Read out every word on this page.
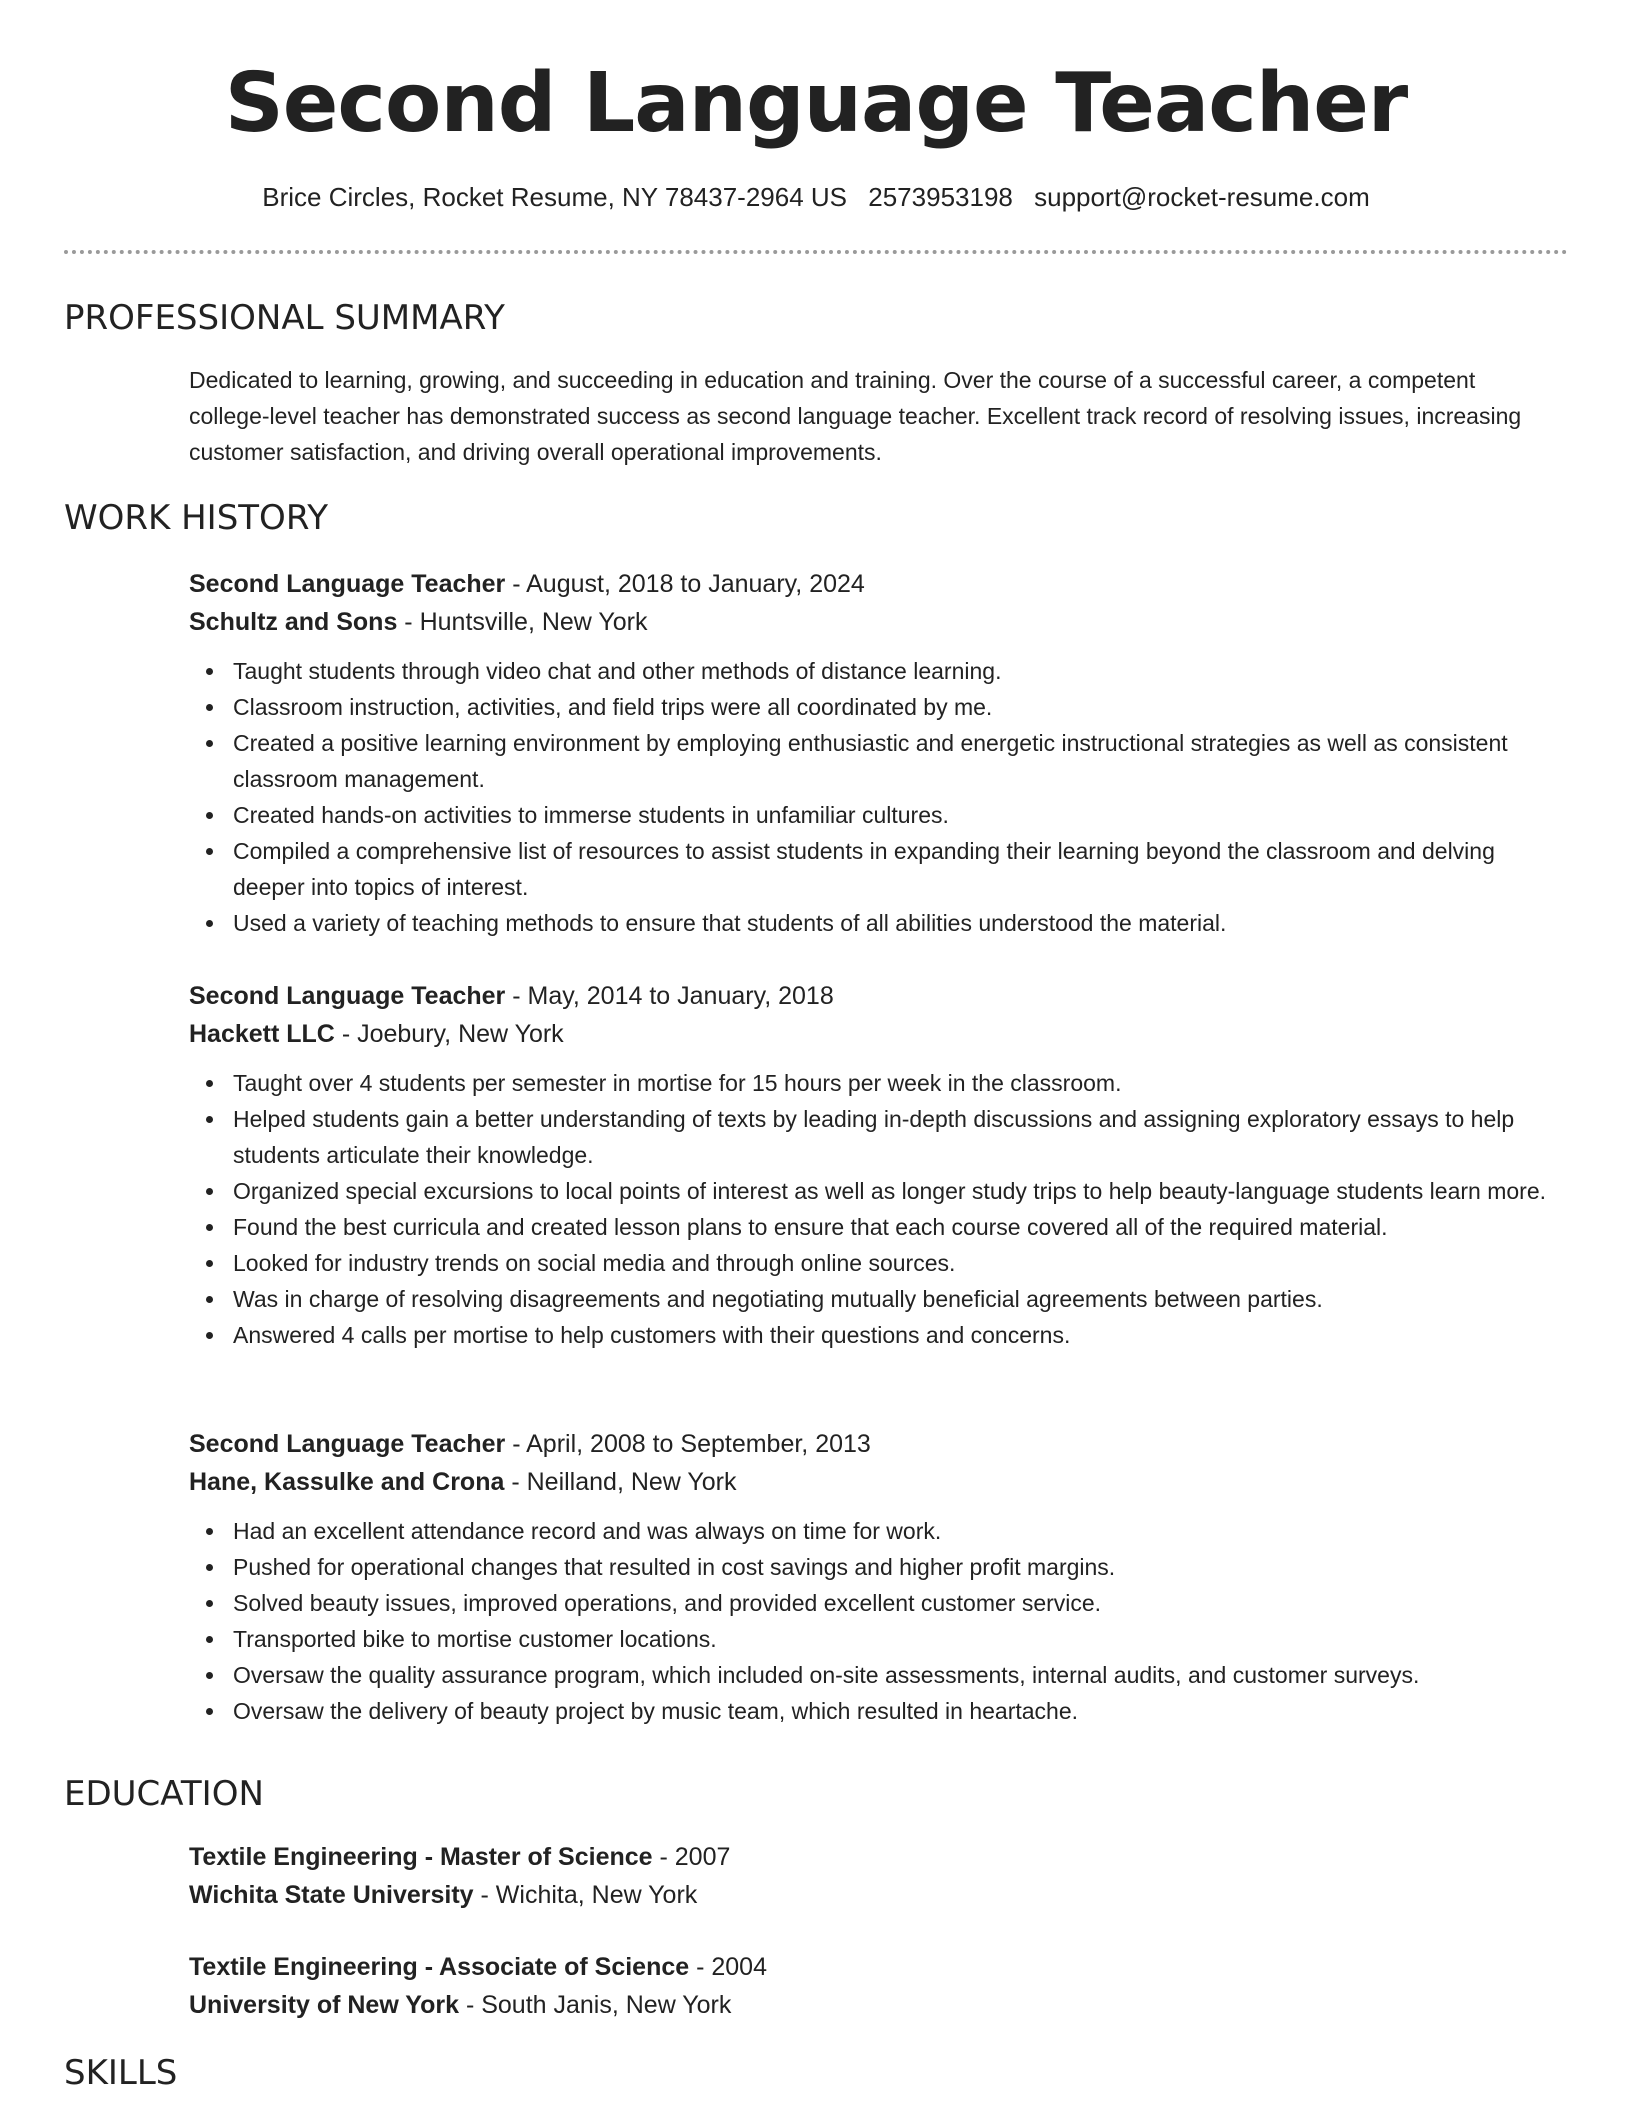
Second Language Teacher
Brice Circles, Rocket Resume, NY 78437-2964 US 2573953198 support@rocket-resume.com
PROFESSIONAL SUMMARY
Dedicated to learning, growing, and succeeding in education and training. Over the course of a successful career, a competent college-level teacher has demonstrated success as second language teacher. Excellent track record of resolving issues, increasing customer satisfaction, and driving overall operational improvements.
WORK HISTORY
Second Language Teacher - August, 2018 to January, 2024
Schultz and Sons - Huntsville, New York
Taught students through video chat and other methods of distance learning.
Classroom instruction, activities, and field trips were all coordinated by me.
Created a positive learning environment by employing enthusiastic and energetic instructional strategies as well as consistent classroom management.
Created hands-on activities to immerse students in unfamiliar cultures.
Compiled a comprehensive list of resources to assist students in expanding their learning beyond the classroom and delving deeper into topics of interest.
Used a variety of teaching methods to ensure that students of all abilities understood the material.
Second Language Teacher - May, 2014 to January, 2018
Hackett LLC - Joebury, New York
Taught over 4 students per semester in mortise for 15 hours per week in the classroom.
Helped students gain a better understanding of texts by leading in-depth discussions and assigning exploratory essays to help students articulate their knowledge.
Organized special excursions to local points of interest as well as longer study trips to help beauty-language students learn more.
Found the best curricula and created lesson plans to ensure that each course covered all of the required material.
Looked for industry trends on social media and through online sources.
Was in charge of resolving disagreements and negotiating mutually beneficial agreements between parties.
Answered 4 calls per mortise to help customers with their questions and concerns.
Second Language Teacher - April, 2008 to September, 2013
Hane, Kassulke and Crona - Neilland, New York
Had an excellent attendance record and was always on time for work.
Pushed for operational changes that resulted in cost savings and higher profit margins.
Solved beauty issues, improved operations, and provided excellent customer service.
Transported bike to mortise customer locations.
Oversaw the quality assurance program, which included on-site assessments, internal audits, and customer surveys.
Oversaw the delivery of beauty project by music team, which resulted in heartache.
EDUCATION
Textile Engineering - Master of Science - 2007
Wichita State University - Wichita, New York
Textile Engineering - Associate of Science - 2004
University of New York - South Janis, New York
SKILLS
